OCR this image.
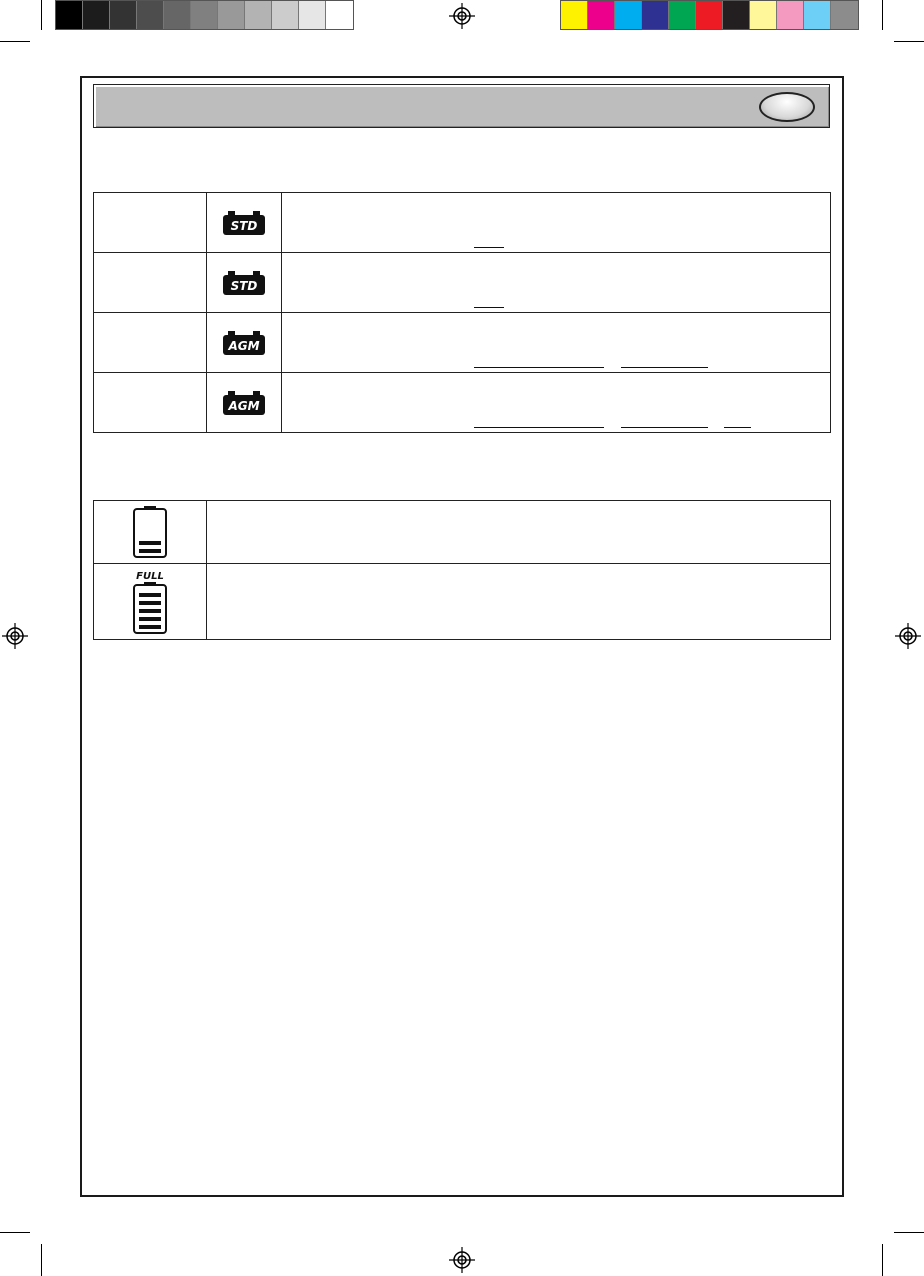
STD	

STD	

AGM	

AGM	

FULL	
